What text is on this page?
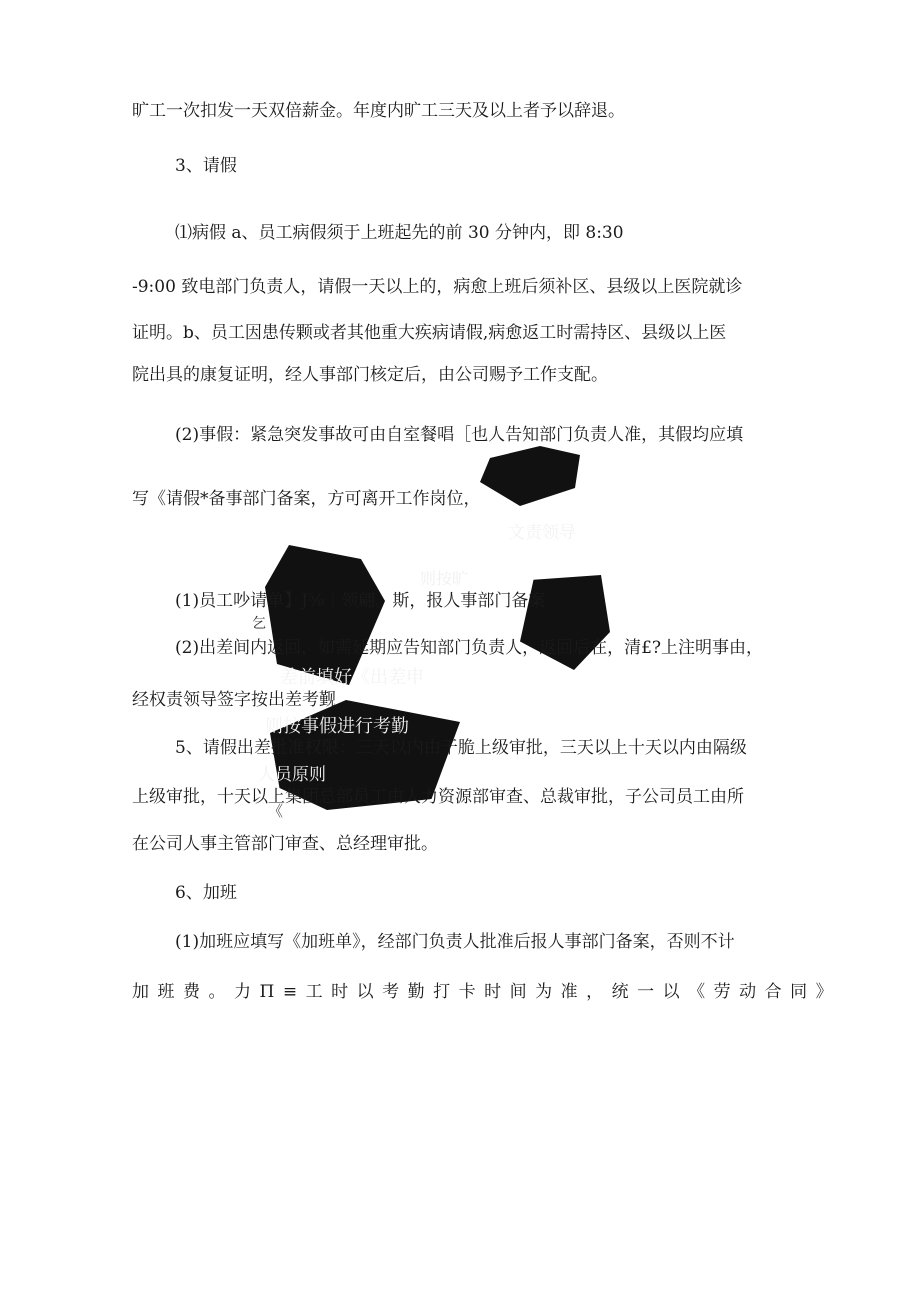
文责领导
则按旷
乞
差前填好《出差申
则按事假进行考勤
人员原则
《
旷工一次扣发一天双倍薪金。年度内旷工三天及以上者予以辞退。
3、请假
⑴病假 a、员工病假须于上班起先的前 30 分钟内，即 8:30
-9:00 致电部门负责人，请假一天以上的，病愈上班后须补区、县级以上医院就诊
证明。b、员工因患传颗或者其他重大疾病请假,病愈返工时需持区、县级以上医
院出具的康复证明，经人事部门核定后，由公司赐予工作支配。
(2)事假：紧急突发事故可由自室餐唱［也人告知部门负责人准，其假均应填
写《请假*备事部门备案，方可离开工作岗位，
(1)员工吵请单】J⅝｜领翩。斯，报人事部门备案
(2)出差间内返回，如需延期应告知部门负责人，返回后在，清£?上注明事由，
经权责领导签字按出差考觐
5、请假出差批准权限：三天以内由干脆上级审批，三天以上十天以内由隔级
上级审批，十天以上集团总部员工由人力资源部审查、总裁审批，子公司员工由所
在公司人事主管部门审查、总经理审批。
6、加班
(1)加班应填写《加班单》，经部门负责人批准后报人事部门备案，否则不计
加班费。力Π≡工时以考勤打卡时间为准，统一以《劳动合同》
